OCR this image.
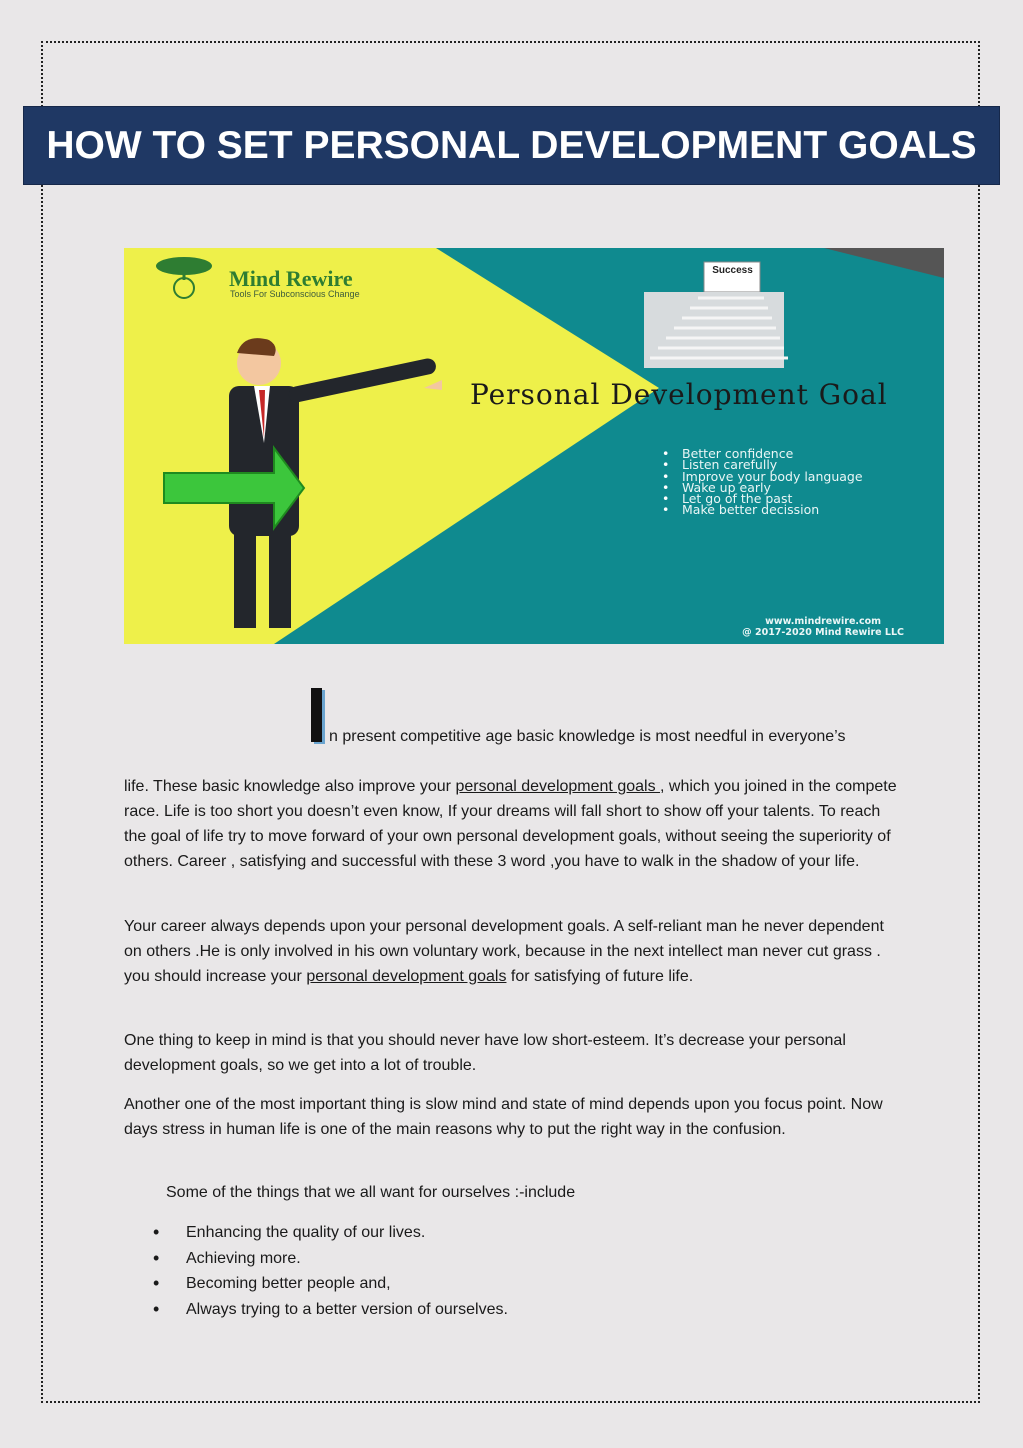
HOW TO SET PERSONAL DEVELOPMENT GOALS
Mind Rewire
Tools For Subconscious Change
Success
Personal Development Goal
• Better confidence
• Listen carefully
• Improve your body language
• Wake up early
• Let go of the past
• Make better decission
www.mindrewire.com
@ 2017-2020 Mind Rewire LLC
n present competitive age basic knowledge is most needful in everyone’s
life. These basic knowledge also improve your personal development goals , which you joined in the compete race. Life is too short you doesn’t even know, If your dreams will fall short to show off your talents. To reach the goal of life try to move forward of your own personal development goals, without seeing the superiority of others. Career , satisfying and successful with these 3 word ,you have to walk in the shadow of your life.
Your career always depends upon your personal development goals. A self-reliant man he never dependent on others .He is only involved in his own voluntary work, because in the next intellect man never cut grass . you should increase your personal development goals for satisfying of future life.
One thing to keep in mind is that you should never have low short-esteem. It’s decrease your personal development goals, so we get into a lot of trouble.
Another one of the most important thing is slow mind and state of mind depends upon you focus point. Now days stress in human life is one of the main reasons why to put the right way in the confusion.
Some of the things that we all want for ourselves :-include
• Enhancing the quality of our lives.
• Achieving more.
• Becoming better people and,
• Always trying to a better version of ourselves.
